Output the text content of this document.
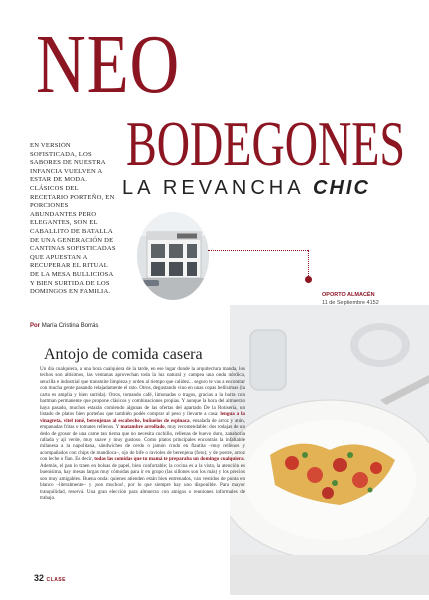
NEO
BODEGONES
LA REVANCHA CHIC
EN VERSIÓN SOFISTICADA, LOS SABORES DE NUESTRA INFANCIA VUELVEN A ESTAR DE MODA. CLÁSICOS DEL RECETARIO PORTEÑO, EN PORCIONES ABUNDANTES PERO ELEGANTES, SON EL CABALLITO DE BATALLA DE UNA GENERACIÓN DE CANTINAS SOFISTICADAS QUE APUESTAN A RECUPERAR EL RITUAL DE LA MESA BULLICIOSA Y BIEN SURTIDA DE LOS DOMINGOS EN FAMILIA.
Por María Cristina Borrás
OPORTO ALMACÉN
11 de Septiembre 4152
Antojo de comida casera
Un día cualquiera, a una hora cualquiera de la tarde, en ese lugar donde la arquitectura manda, los techos son altísimos, las ventanas aprovechan toda la luz natural y campea una onda nórdica, sencilla e industrial que transmite limpieza y orden al tiempo que calidez... seguro te vas a encontrar con mucha gente pasando relajadamente el rato. Otros, degustando vino en unas copas bellísimas (la carta es amplia y bien surtida). Otros, tomando café, limonadas o tragos, gracias a la barra con bartman permanente que propone clásicos y combinaciones propias. Y aunque la hora del almuerzo haya pasado, muchos estarán comiendo algunas de las ofertas del apartado De la Rotisería, un listado de platos bien porteños que también podés comprar al peso y llevarte a casa: lengua a la vinagreta, vitel toné, berenjenas al escabeche, buñuelos de espinaca, ensalada de arroz y atún, empanadas fritas o tomates rellenos. Y matambre arrollado, muy recomendable: dos rodajas de un dedo de grosor de una carne tan tierna que no necesita cuchillo, rellenas de huevo duro, zanahoria rallada y ají verde, muy suave y muy gustoso. Como platos principales encontrás la infaltable milanesa a la napolitana, sándwiches de cerdo o jamón crudo en flautita –muy rellenos y acompañados con chips de mandioca–, ojo de bife o ravioles de berenjena (foto); y de postre, arroz con leche o flan. Es decir, todas las comidas que tu mamá te preparaba un domingo cualquiera. Además, el pan lo traen en bolsas de papel, bien confortable; la cocina es a la vista, la atención es buenísima, hay mesas largas muy cómodas para ir en grupo (las sillones son los más) y los precios son muy amigables. Buena onda: quienes atienden están bien entrenados, van vestidos de punta en blanco –literalmente– y ¡son muchos!, por lo que siempre hay uno disponible. Para mayor tranquilidad, reservá. Una gran elección para almuerzo con amigos o reuniones informales de trabajo.
32 CLASE
